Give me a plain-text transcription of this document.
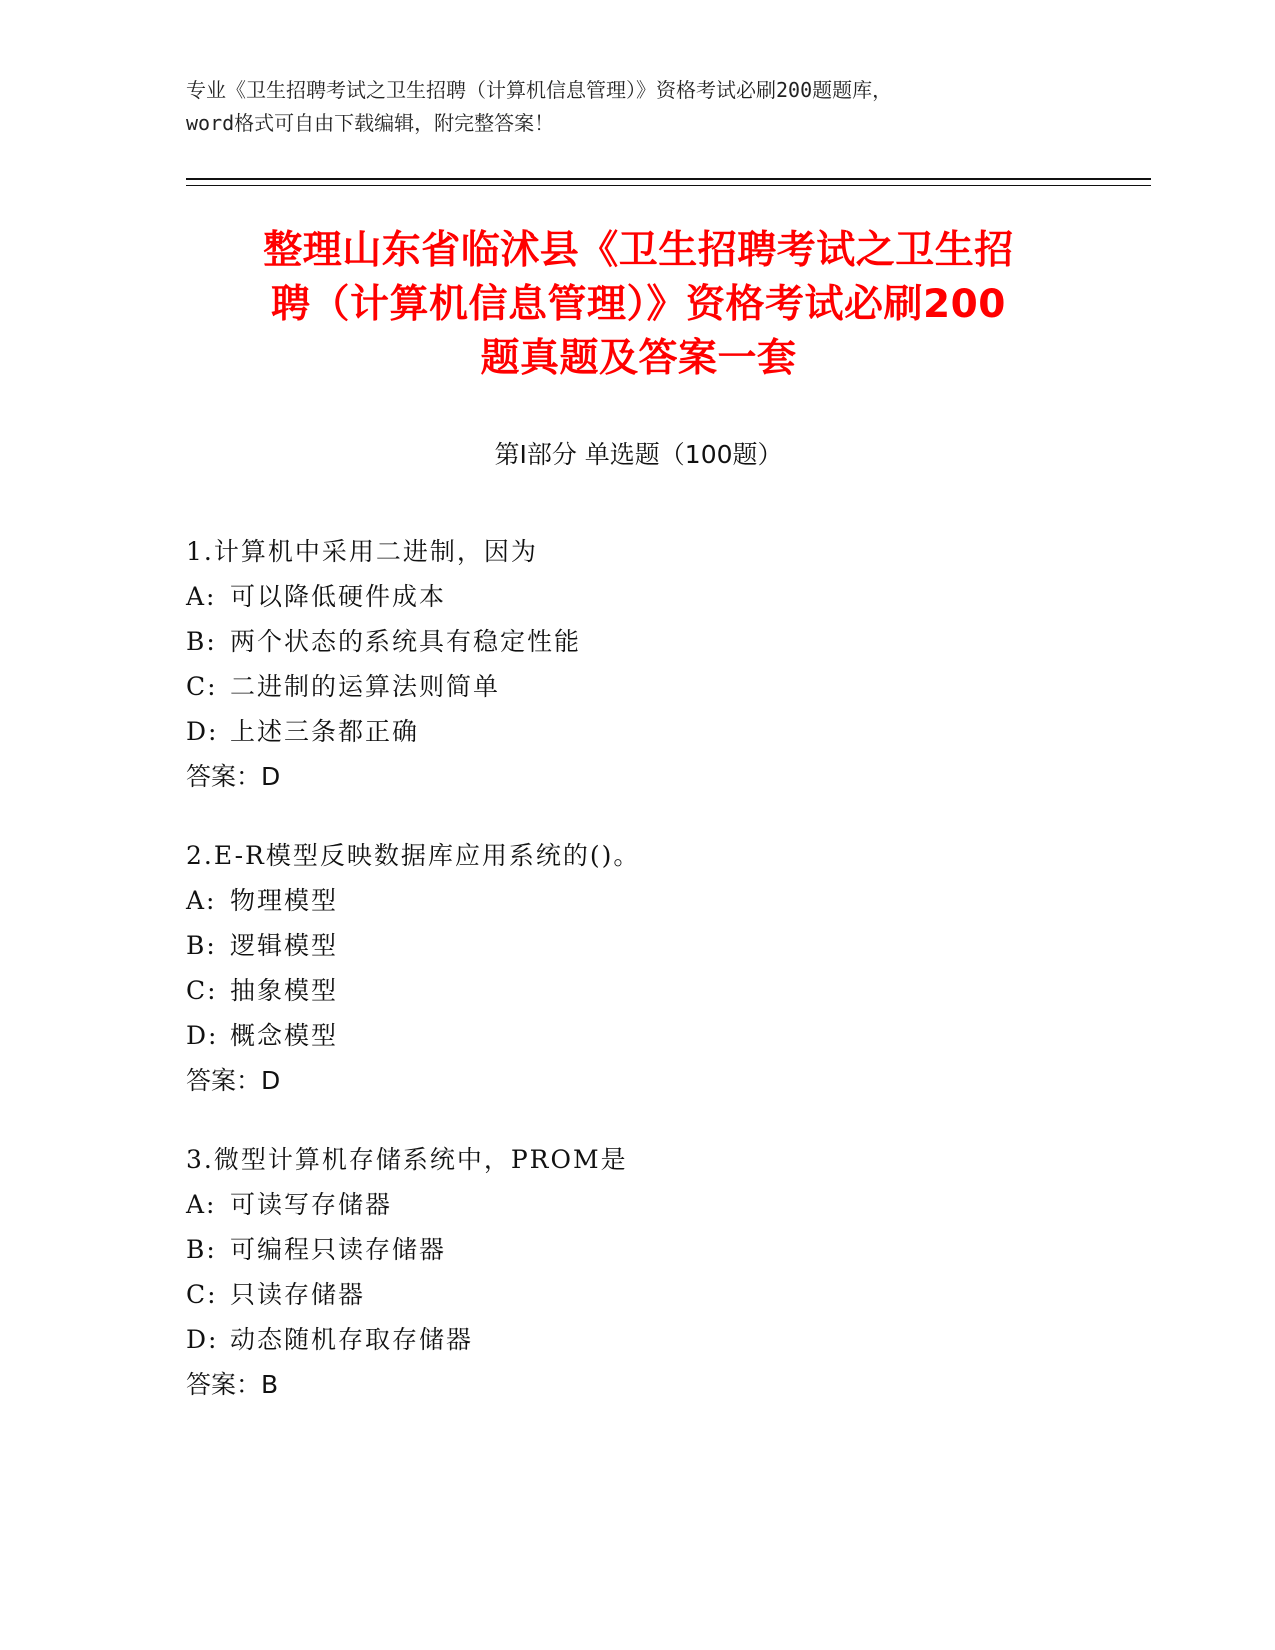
专业《卫生招聘考试之卫生招聘（计算机信息管理）》资格考试必刷200题题库，
word格式可自由下载编辑，附完整答案！
整理山东省临沭县《卫生招聘考试之卫生招
聘（计算机信息管理）》资格考试必刷200
题真题及答案一套
第Ⅰ部分 单选题（100题）
1.计算机中采用二进制，因为
A: 可以降低硬件成本
B: 两个状态的系统具有稳定性能
C: 二进制的运算法则简单
D: 上述三条都正确
答案：D
2.E-R模型反映数据库应用系统的()。
A: 物理模型
B: 逻辑模型
C: 抽象模型
D: 概念模型
答案：D
3.微型计算机存储系统中，PROM是
A: 可读写存储器
B: 可编程只读存储器
C: 只读存储器
D: 动态随机存取存储器
答案：B
